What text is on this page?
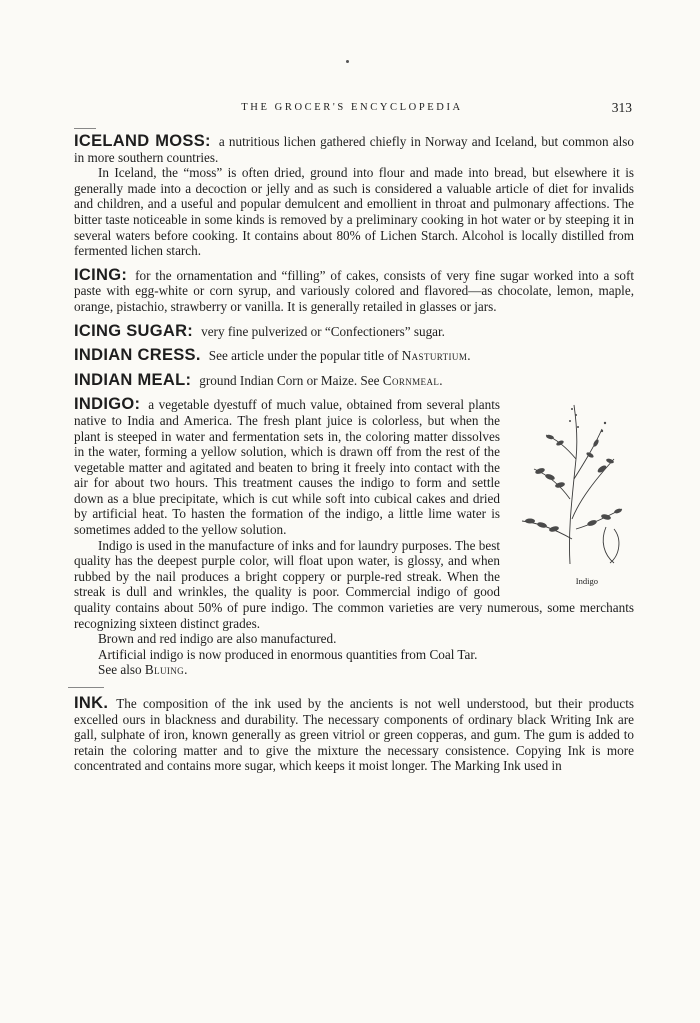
THE GROCER'S ENCYCLOPEDIA	313

ICELAND MOSS: a nutritious lichen gathered chiefly in Norway and Iceland, but common also in more southern countries.

In Iceland, the “moss” is often dried, ground into flour and made into bread, but elsewhere it is generally made into a decoction or jelly and as such is considered a valuable article of diet for invalids and children, and a useful and popular demulcent and emollient in throat and pulmonary affections. The bitter taste noticeable in some kinds is removed by a preliminary cooking in hot water or by steeping it in several waters before cooking. It contains about 80% of Lichen Starch. Alcohol is locally distilled from fermented lichen starch.

ICING: for the ornamentation and “filling” of cakes, consists of very fine sugar worked into a soft paste with egg-white or corn syrup, and variously colored and flavored—as chocolate, lemon, maple, orange, pistachio, strawberry or vanilla. It is generally retailed in glasses or jars.

ICING SUGAR: very fine pulverized or “Confectioners” sugar.

INDIAN CRESS. See article under the popular title of Nasturtium.

INDIAN MEAL: ground Indian Corn or Maize. See Cornmeal.

Indigo

INDIGO: a vegetable dyestuff of much value, obtained from several plants native to India and America. The fresh plant juice is colorless, but when the plant is steeped in water and fermentation sets in, the coloring matter dissolves in the water, forming a yellow solution, which is drawn off from the rest of the vegetable matter and agitated and beaten to bring it freely into contact with the air for about two hours. This treatment causes the indigo to form and settle down as a blue precipitate, which is cut while soft into cubical cakes and dried by artificial heat. To hasten the formation of the indigo, a little lime water is sometimes added to the yellow solution.

Indigo is used in the manufacture of inks and for laundry purposes. The best quality has the deepest purple color, will float upon water, is glossy, and when rubbed by the nail produces a bright coppery or purple-red streak. When the streak is dull and wrinkles, the quality is poor. Commercial indigo of good quality contains about 50% of pure indigo. The common varieties are very numerous, some merchants recognizing sixteen distinct grades.

Brown and red indigo are also manufactured.

Artificial indigo is now produced in enormous quantities from Coal Tar.

See also Bluing.

INK. The composition of the ink used by the ancients is not well understood, but their products excelled ours in blackness and durability. The necessary components of ordinary black Writing Ink are gall, sulphate of iron, known generally as green vitriol or green copperas, and gum. The gum is added to retain the coloring matter and to give the mixture the necessary consistence. Copying Ink is more concentrated and contains more sugar, which keeps it moist longer. The Marking Ink used in
